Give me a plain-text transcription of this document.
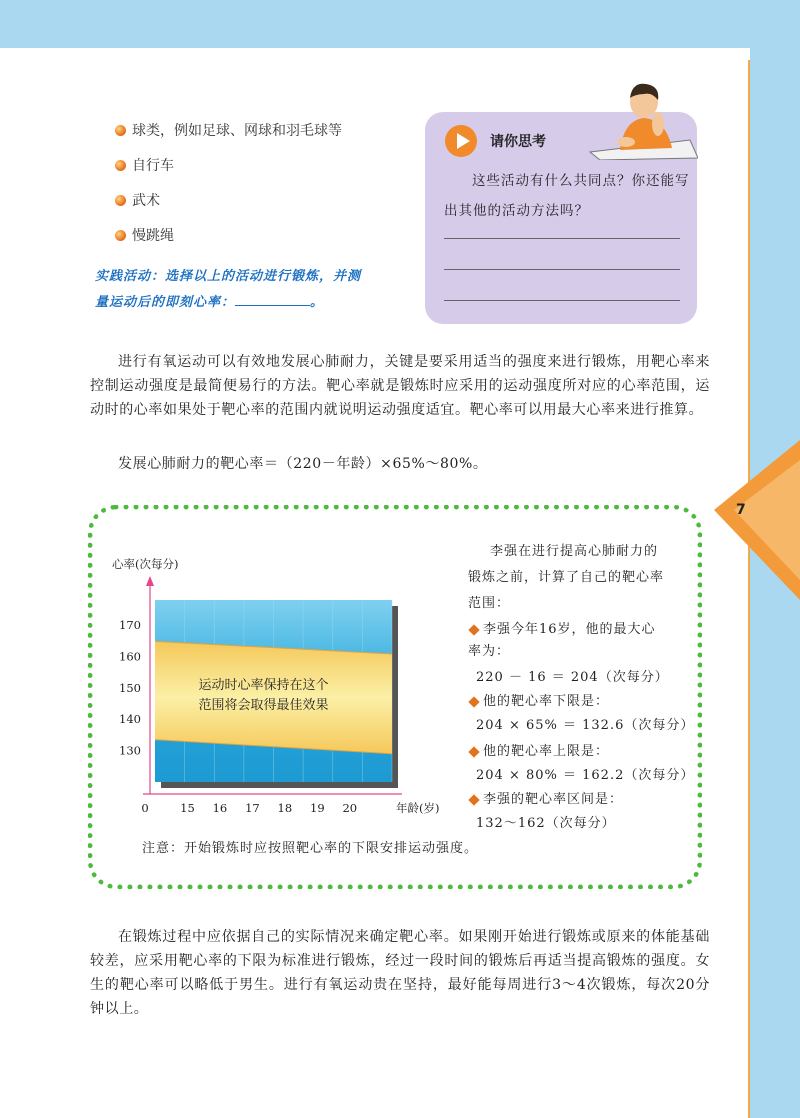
7
球类，例如足球、网球和羽毛球等
自行车
武术
慢跳绳
实践活动：选择以上的活动进行锻炼，并测
量运动后的即刻心率：	。
请你思考
这些活动有什么共同点？你还能写出其他的活动方法吗？
进行有氧运动可以有效地发展心肺耐力，关键是要采用适当的强度来进行锻炼，用靶心率来控制运动强度是最简便易行的方法。靶心率就是锻炼时应采用的运动强度所对应的心率范围，运动时的心率如果处于靶心率的范围内就说明运动强度适宜。靶心率可以用最大心率来进行推算。
发展心肺耐力的靶心率＝（220－年龄）×65%～80%。
运动时心率保持在这个
范围将会取得最佳效果
心率(次每分)
130
140
150
160
170
0	15 16 17 18 19 20	年龄(岁)
李强在进行提高心肺耐力的
锻炼之前，计算了自己的靶心率
范围：
李强今年16岁，他的最大心
率为：
220 － 16 ＝ 204（次每分）
他的靶心率下限是：
204 × 65% ＝ 132.6（次每分）
他的靶心率上限是：
204 × 80% ＝ 162.2（次每分）
李强的靶心率区间是：
132～162（次每分）
注意：开始锻炼时应按照靶心率的下限安排运动强度。
在锻炼过程中应依据自己的实际情况来确定靶心率。如果刚开始进行锻炼或原来的体能基础较差，应采用靶心率的下限为标准进行锻炼，经过一段时间的锻炼后再适当提高锻炼的强度。女生的靶心率可以略低于男生。进行有氧运动贵在坚持，最好能每周进行3～4次锻炼，每次20分钟以上。
